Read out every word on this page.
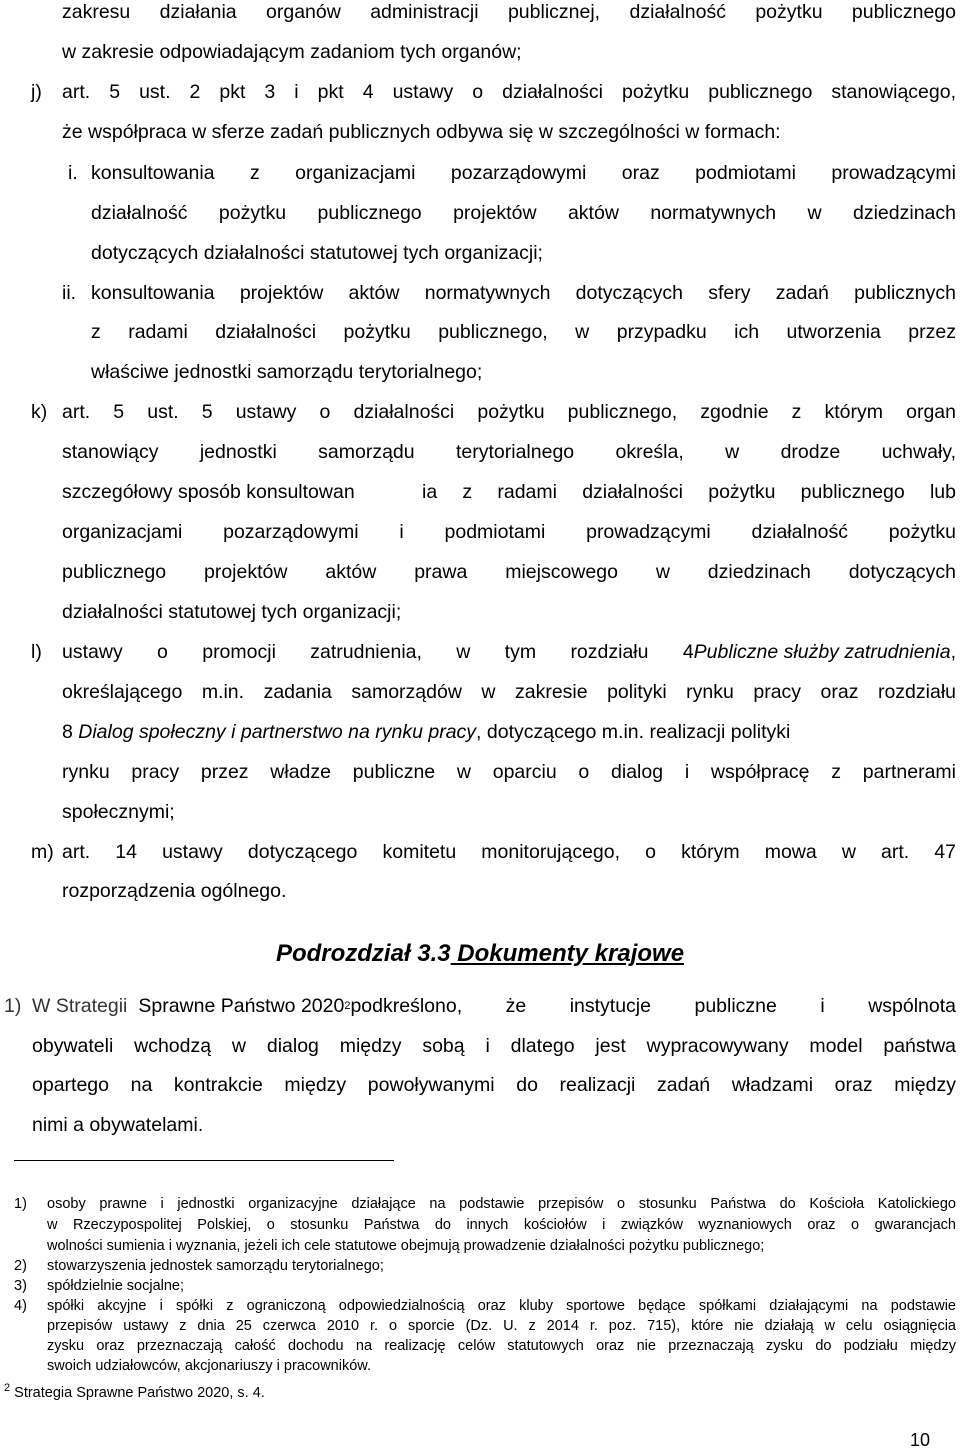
zakresu działania organów administracji publicznej, działalność pożytku publicznego
w zakresie odpowiadającym zadaniom tych organów;
j) art. 5 ust. 2 pkt 3 i pkt 4 ustawy o działalności pożytku publicznego stanowiącego,
że współpraca w sferze zadań publicznych odbywa się w szczególności w formach:
i. konsultowania z organizacjami pozarządowymi oraz podmiotami prowadzącymi
działalność pożytku publicznego projektów aktów normatywnych w dziedzinach
dotyczących działalności statutowej tych organizacji;
ii. konsultowania projektów aktów normatywnych dotyczących sfery zadań publicznych
z radami działalności pożytku publicznego, w przypadku ich utworzenia przez
właściwe jednostki samorządu terytorialnego;
k) art. 5 ust. 5 ustawy o działalności pożytku publicznego, zgodnie z którym organ
stanowiący jednostki samorządu terytorialnego określa, w drodze uchwały,
szczegółowy sposób konsultowan	ia z radami działalności pożytku publicznego lub
organizacjami pozarządowymi i podmiotami prowadzącymi działalność pożytku
publicznego projektów aktów prawa miejscowego w dziedzinach dotyczących
działalności statutowej tych organizacji;
l) ustawy o promocji zatrudnienia, w tym rozdziału 4 Publiczne służby zatrudnienia ,
określającego m.in. zadania samorządów w zakresie polityki rynku pracy oraz rozdziału
8 Dialog społeczny i partnerstwo na rynku pracy, dotyczącego m.in. realizacji polityki
rynku pracy przez władze publiczne w oparciu o dialog i współpracę z partnerami
społecznymi;
m) art. 14 ustawy dotyczącego komitetu monitorującego, o którym mowa w art. 47
rozporządzenia ogólnego.
Podrozdział 3.3 Dokumenty krajowe
1) W Strategii Sprawne Państwo 2020 2 podkreślono, że instytucje publiczne i wspólnota
obywateli wchodzą w dialog między sobą i dlatego jest wypracowywany model państwa
opartego na kontrakcie między powoływanymi do realizacji zadań władzami oraz między
nimi a obywatelami.
1) osoby prawne i jednostki organizacyjne działające na podstawie przepisów o stosunku Państwa do Kościoła Katolickiego
w Rzeczypospolitej Polskiej, o stosunku Państwa do innych kościołów i związków wyznaniowych oraz o gwarancjach
wolności sumienia i wyznania, jeżeli ich cele statutowe obejmują prowadzenie działalności pożytku publicznego;
2) stowarzyszenia jednostek samorządu terytorialnego;
3) spółdzielnie socjalne;
4) spółki akcyjne i spółki z ograniczoną odpowiedzialnością oraz kluby sportowe będące spółkami działającymi na podstawie
przepisów ustawy z dnia 25 czerwca 2010 r. o sporcie (Dz. U. z 2014 r. poz. 715), które nie działają w celu osiągnięcia
zysku oraz przeznaczają całość dochodu na realizację celów statutowych oraz nie przeznaczają zysku do podziału między
swoich udziałowców, akcjonariuszy i pracowników.
$^2$ Strategia Sprawne Państwo 2020, s. 4.
10
